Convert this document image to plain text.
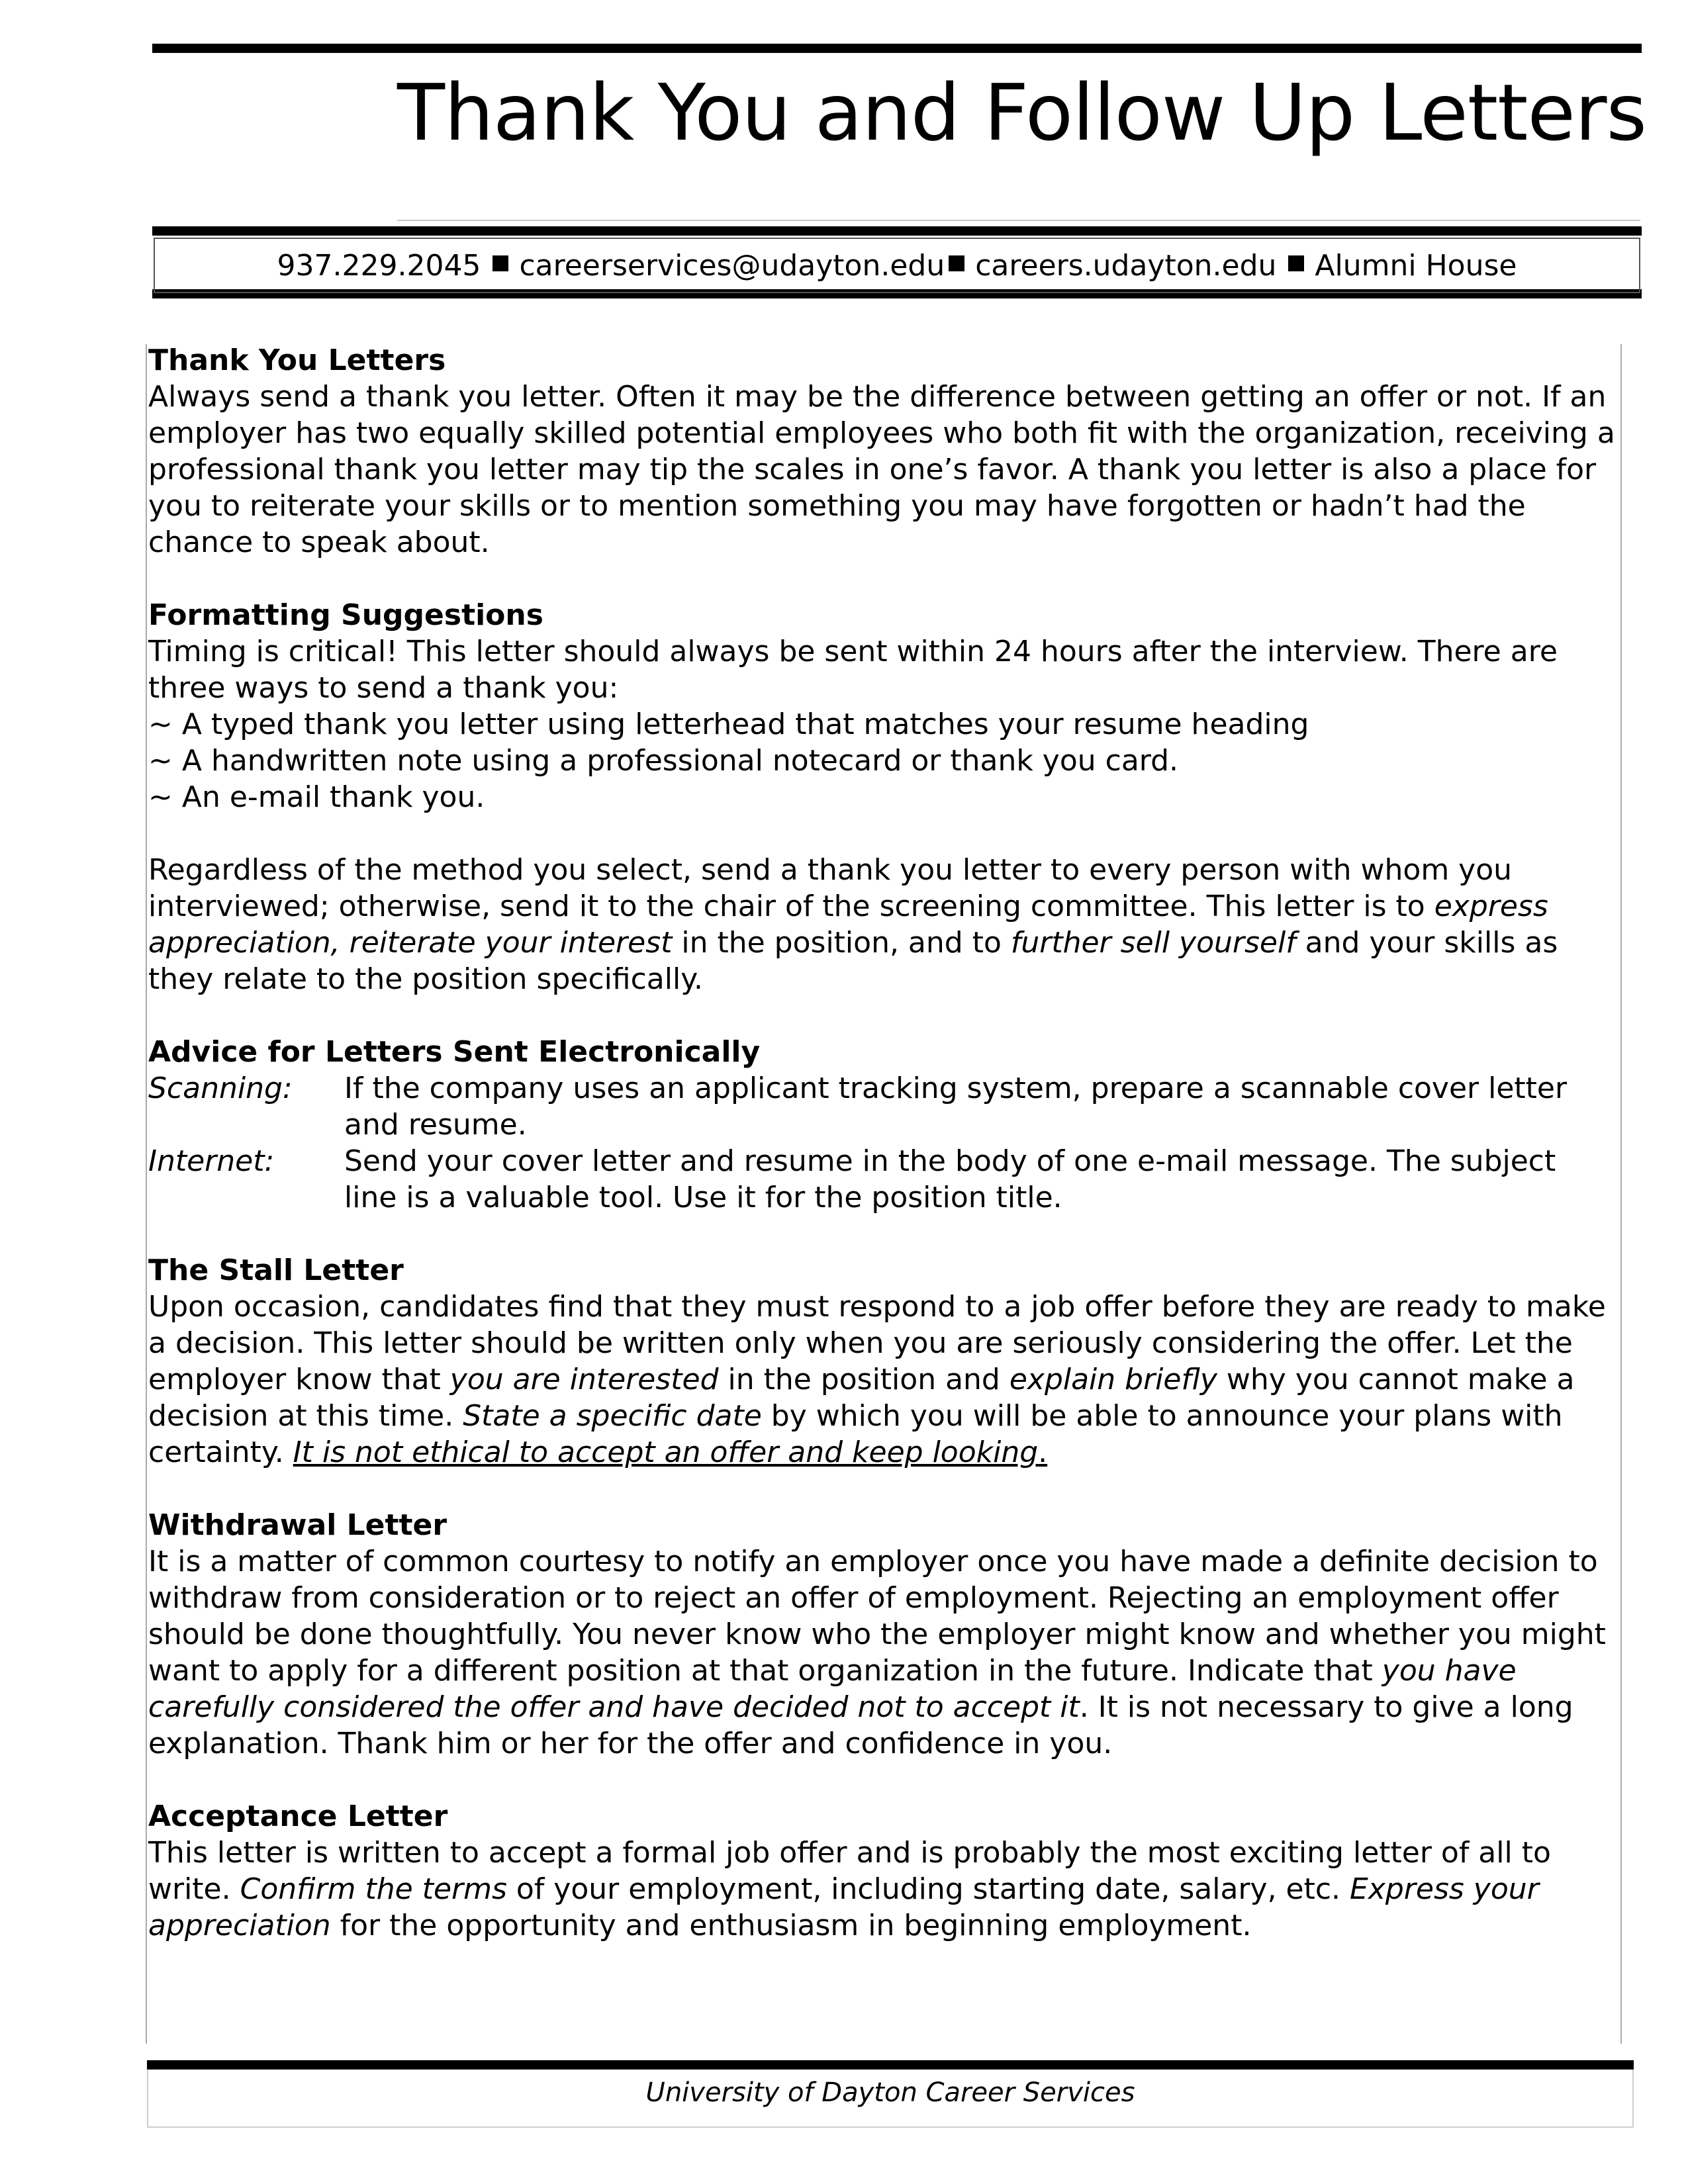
Thank You and Follow Up Letters
937.229.2045 careerservices@udayton.edu careers.udayton.edu Alumni House
Thank You Letters

Always send a thank you letter. Often it may be the difference between getting an offer or not. If an employer has two equally skilled potential employees who both fit with the organization, receiving a professional thank you letter may tip the scales in one’s favor. A thank you letter is also a place for you to reiterate your skills or to mention something you may have forgotten or hadn’t had the chance to speak about.

Formatting Suggestions

Timing is critical! This letter should always be sent within 24 hours after the interview. There are three ways to send a thank you:

~ A typed thank you letter using letterhead that matches your resume heading
~ A handwritten note using a professional notecard or thank you card.
~ An e-mail thank you.

Regardless of the method you select, send a thank you letter to every person with whom you interviewed; otherwise, send it to the chair of the screening committee. This letter is to express appreciation, reiterate your interest in the position, and to further sell yourself and your skills as they relate to the position specifically.

Advice for Letters Sent Electronically
Scanning:	If the company uses an applicant tracking system, prepare a scannable cover letter and resume.
Internet:	Send your cover letter and resume in the body of one e-mail message. The subject line is a valuable tool. Use it for the position title.
The Stall Letter

Upon occasion, candidates find that they must respond to a job offer before they are ready to make a decision. This letter should be written only when you are seriously considering the offer. Let the employer know that you are interested in the position and explain briefly why you cannot make a decision at this time. State a specific date by which you will be able to announce your plans with certainty. It is not ethical to accept an offer and keep looking.

Withdrawal Letter

It is a matter of common courtesy to notify an employer once you have made a definite decision to withdraw from consideration or to reject an offer of employment. Rejecting an employment offer should be done thoughtfully. You never know who the employer might know and whether you might want to apply for a different position at that organization in the future. Indicate that you have carefully considered the offer and have decided not to accept it. It is not necessary to give a long explanation. Thank him or her for the offer and confidence in you.

Acceptance Letter

This letter is written to accept a formal job offer and is probably the most exciting letter of all to write. Confirm the terms of your employment, including starting date, salary, etc. Express your appreciation for the opportunity and enthusiasm in beginning employment.

University of Dayton Career Services
